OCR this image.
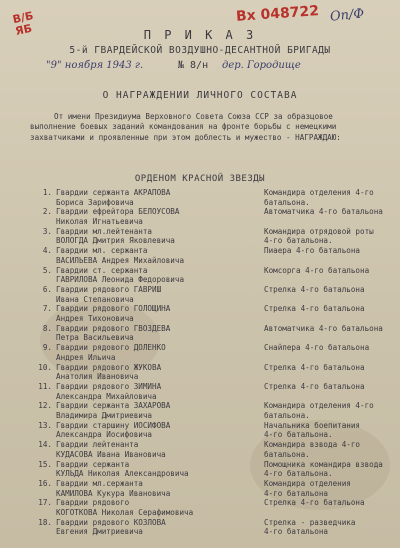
В/Б
ЯБ
Вх 048722 Оп/Ф
П Р И К А З
5-й ГВАРДЕЙСКОЙ ВОЗДУШНО-ДЕСАНТНОЙ БРИГАДЫ
"9" ноября 1943 г.	№ 8/н дер. Городище
О НАГРАЖДЕНИИ ЛИЧНОГО СОСТАВА
От имени Президиума Верховного Совета Союза ССР за образцовое выполнение боевых заданий командования на фронте борьбы с немецкими захватчиками и проявленные при этом доблесть и мужество - НАГРАЖДАЮ:
ОРДЕНОМ КРАСНОЙ ЗВЕЗДЫ
1. Гвардии сержанта АКРАПОВА
Бориса Зарифовича
Командира отделения 4-го
батальона.
2. Гвардии ефрейтора БЕЛОУСОВА
Николая Игнатьевича
Автоматчика 4-го батальона
3. Гвардии мл.лейтенанта
ВОЛОГДА Дмитрия Яковлевича
Командира отрядовой роты
4-го батальона.
4. Гвардии мл. сержанта
ВАСИЛЬЕВА Андрея Михайловича
Пиаера 4-го батальона
5. Гвардии ст. сержанта
ГАВРИЛОВА Леонида Федоровича
Комсорга 4-го батальона
6. Гвардии рядового ГАВРИШ
Ивана Степановича
Стрелка 4-го батальона
7. Гвардии рядового ГОЛОЩИНА
Андрея Тихоновича
Стрелка 4-го батальона
8. Гвардии рядового ГВОЗДЕВА
Петра Васильевича
Автоматчика 4-го батальона
9. Гвардии рядового ДОЛЕНКО
Андрея Ильича
Снайпера 4-го батальона
10. Гвардии рядового ЖУКОВА
Анатолия Ивановича
Стрелка 4-го батальона
11. Гвардии рядового ЗИМИНА
Александра Михайловича
Стрелка 4-го батальона
12. Гвардии сержанта ЗАХАРОВА
Владимира Дмитриевича
Командира отделения 4-го
батальона.
13. Гвардии старшину ИОСИФОВА
Александра Иосифовича
Начальника боепитания
4-го батальона.
14. Гвардии лейтенанта
КУДАСОВА Ивана Ивановича
Командира взвода 4-го
батальона.
15. Гвардии сержанта
КУЛЬДА Николая Александровича
Помощника командира взвода
4-го батальона.
16. Гвардии мл.сержанта
КАМИЛОВА Кукура Ивановича
Командира отделения
4-го батальона
17. Гвардии рядового
КОГОТКОВА Николая Серафимовича
Стрелка 4-го батальона
18. Гвардии рядового КОЗЛОВА
Евгения Дмитриевича
Стрелка - разведчика
4-го батальона
